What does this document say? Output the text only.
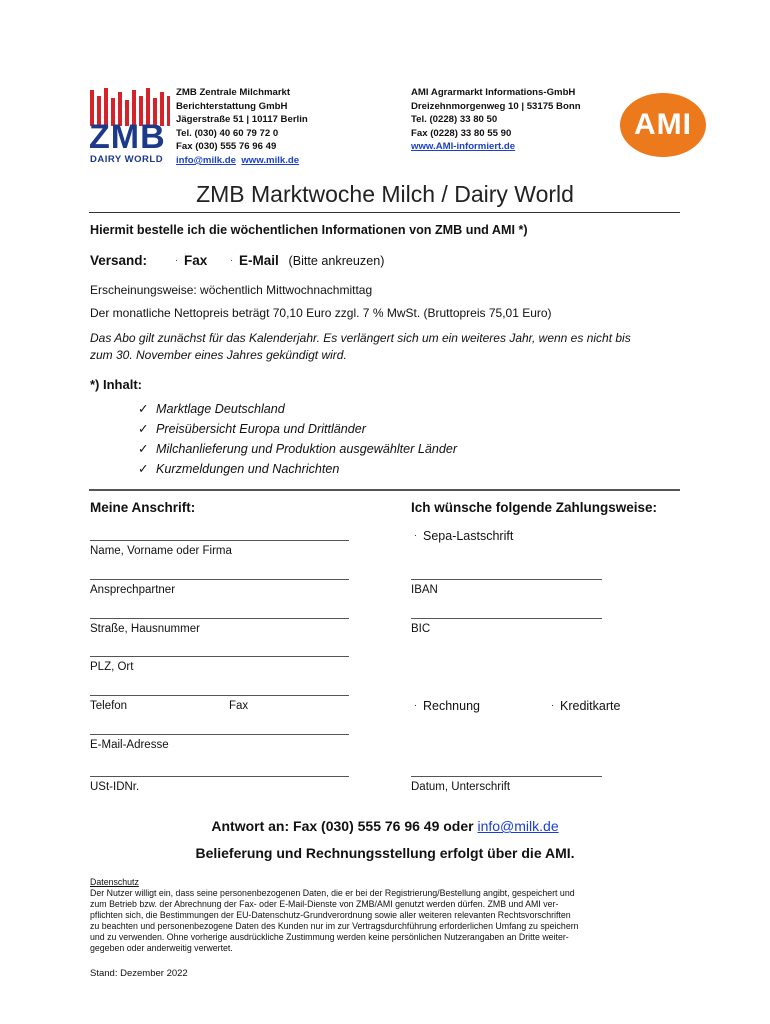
ZMB
DAIRY WORLD
ZMB Zentrale Milchmarkt
Berichterstattung GmbH
Jägerstraße 51 | 10117 Berlin
Tel. (030) 40 60 79 72 0
Fax (030) 555 76 96 49
info@milk.de www.milk.de
AMI Agrarmarkt Informations-GmbH
Dreizehnmorgenweg 10 | 53175 Bonn
Tel. (0228) 33 80 50
Fax (0228) 33 80 55 90
www.AMI-informiert.de
AMI
ZMB Marktwoche Milch / Dairy World
Hiermit bestelle ich die wöchentlichen Informationen von ZMB und AMI *)
Versand:	· Fax	· E-Mail (Bitte ankreuzen)
Erscheinungsweise: wöchentlich Mittwochnachmittag
Der monatliche Nettopreis beträgt 70,10 Euro zzgl. 7 % MwSt. (Bruttopreis 75,01 Euro)
Das Abo gilt zunächst für das Kalenderjahr. Es verlängert sich um ein weiteres Jahr, wenn es nicht bis
zum 30. November eines Jahres gekündigt wird.
*) Inhalt:
✓ Marktlage Deutschland
✓ Preisübersicht Europa und Drittländer
✓ Milchanlieferung und Produktion ausgewählter Länder
✓ Kurzmeldungen und Nachrichten
Meine Anschrift:
Name, Vorname oder Firma
Ansprechpartner
Straße, Hausnummer
PLZ, Ort
Telefon	Fax
E-Mail-Adresse
USt-IDNr.
Ich wünsche folgende Zahlungsweise:
· Sepa-Lastschrift
IBAN
BIC
· Rechnung	· Kreditkarte
Datum, Unterschrift
Antwort an: Fax (030) 555 76 96 49 oder info@milk.de
Belieferung und Rechnungsstellung erfolgt über die AMI.
Datenschutz
Der Nutzer willigt ein, dass seine personenbezogenen Daten, die er bei der Registrierung/Bestellung angibt, gespeichert und
zum Betrieb bzw. der Abrechnung der Fax- oder E-Mail-Dienste von ZMB/AMI genutzt werden dürfen. ZMB und AMI ver-
pflichten sich, die Bestimmungen der EU-Datenschutz-Grundverordnung sowie aller weiteren relevanten Rechtsvorschriften
zu beachten und personenbezogene Daten des Kunden nur im zur Vertragsdurchführung erforderlichen Umfang zu speichern
und zu verwenden. Ohne vorherige ausdrückliche Zustimmung werden keine persönlichen Nutzerangaben an Dritte weiter-
gegeben oder anderweitig verwertet.
Stand: Dezember 2022
